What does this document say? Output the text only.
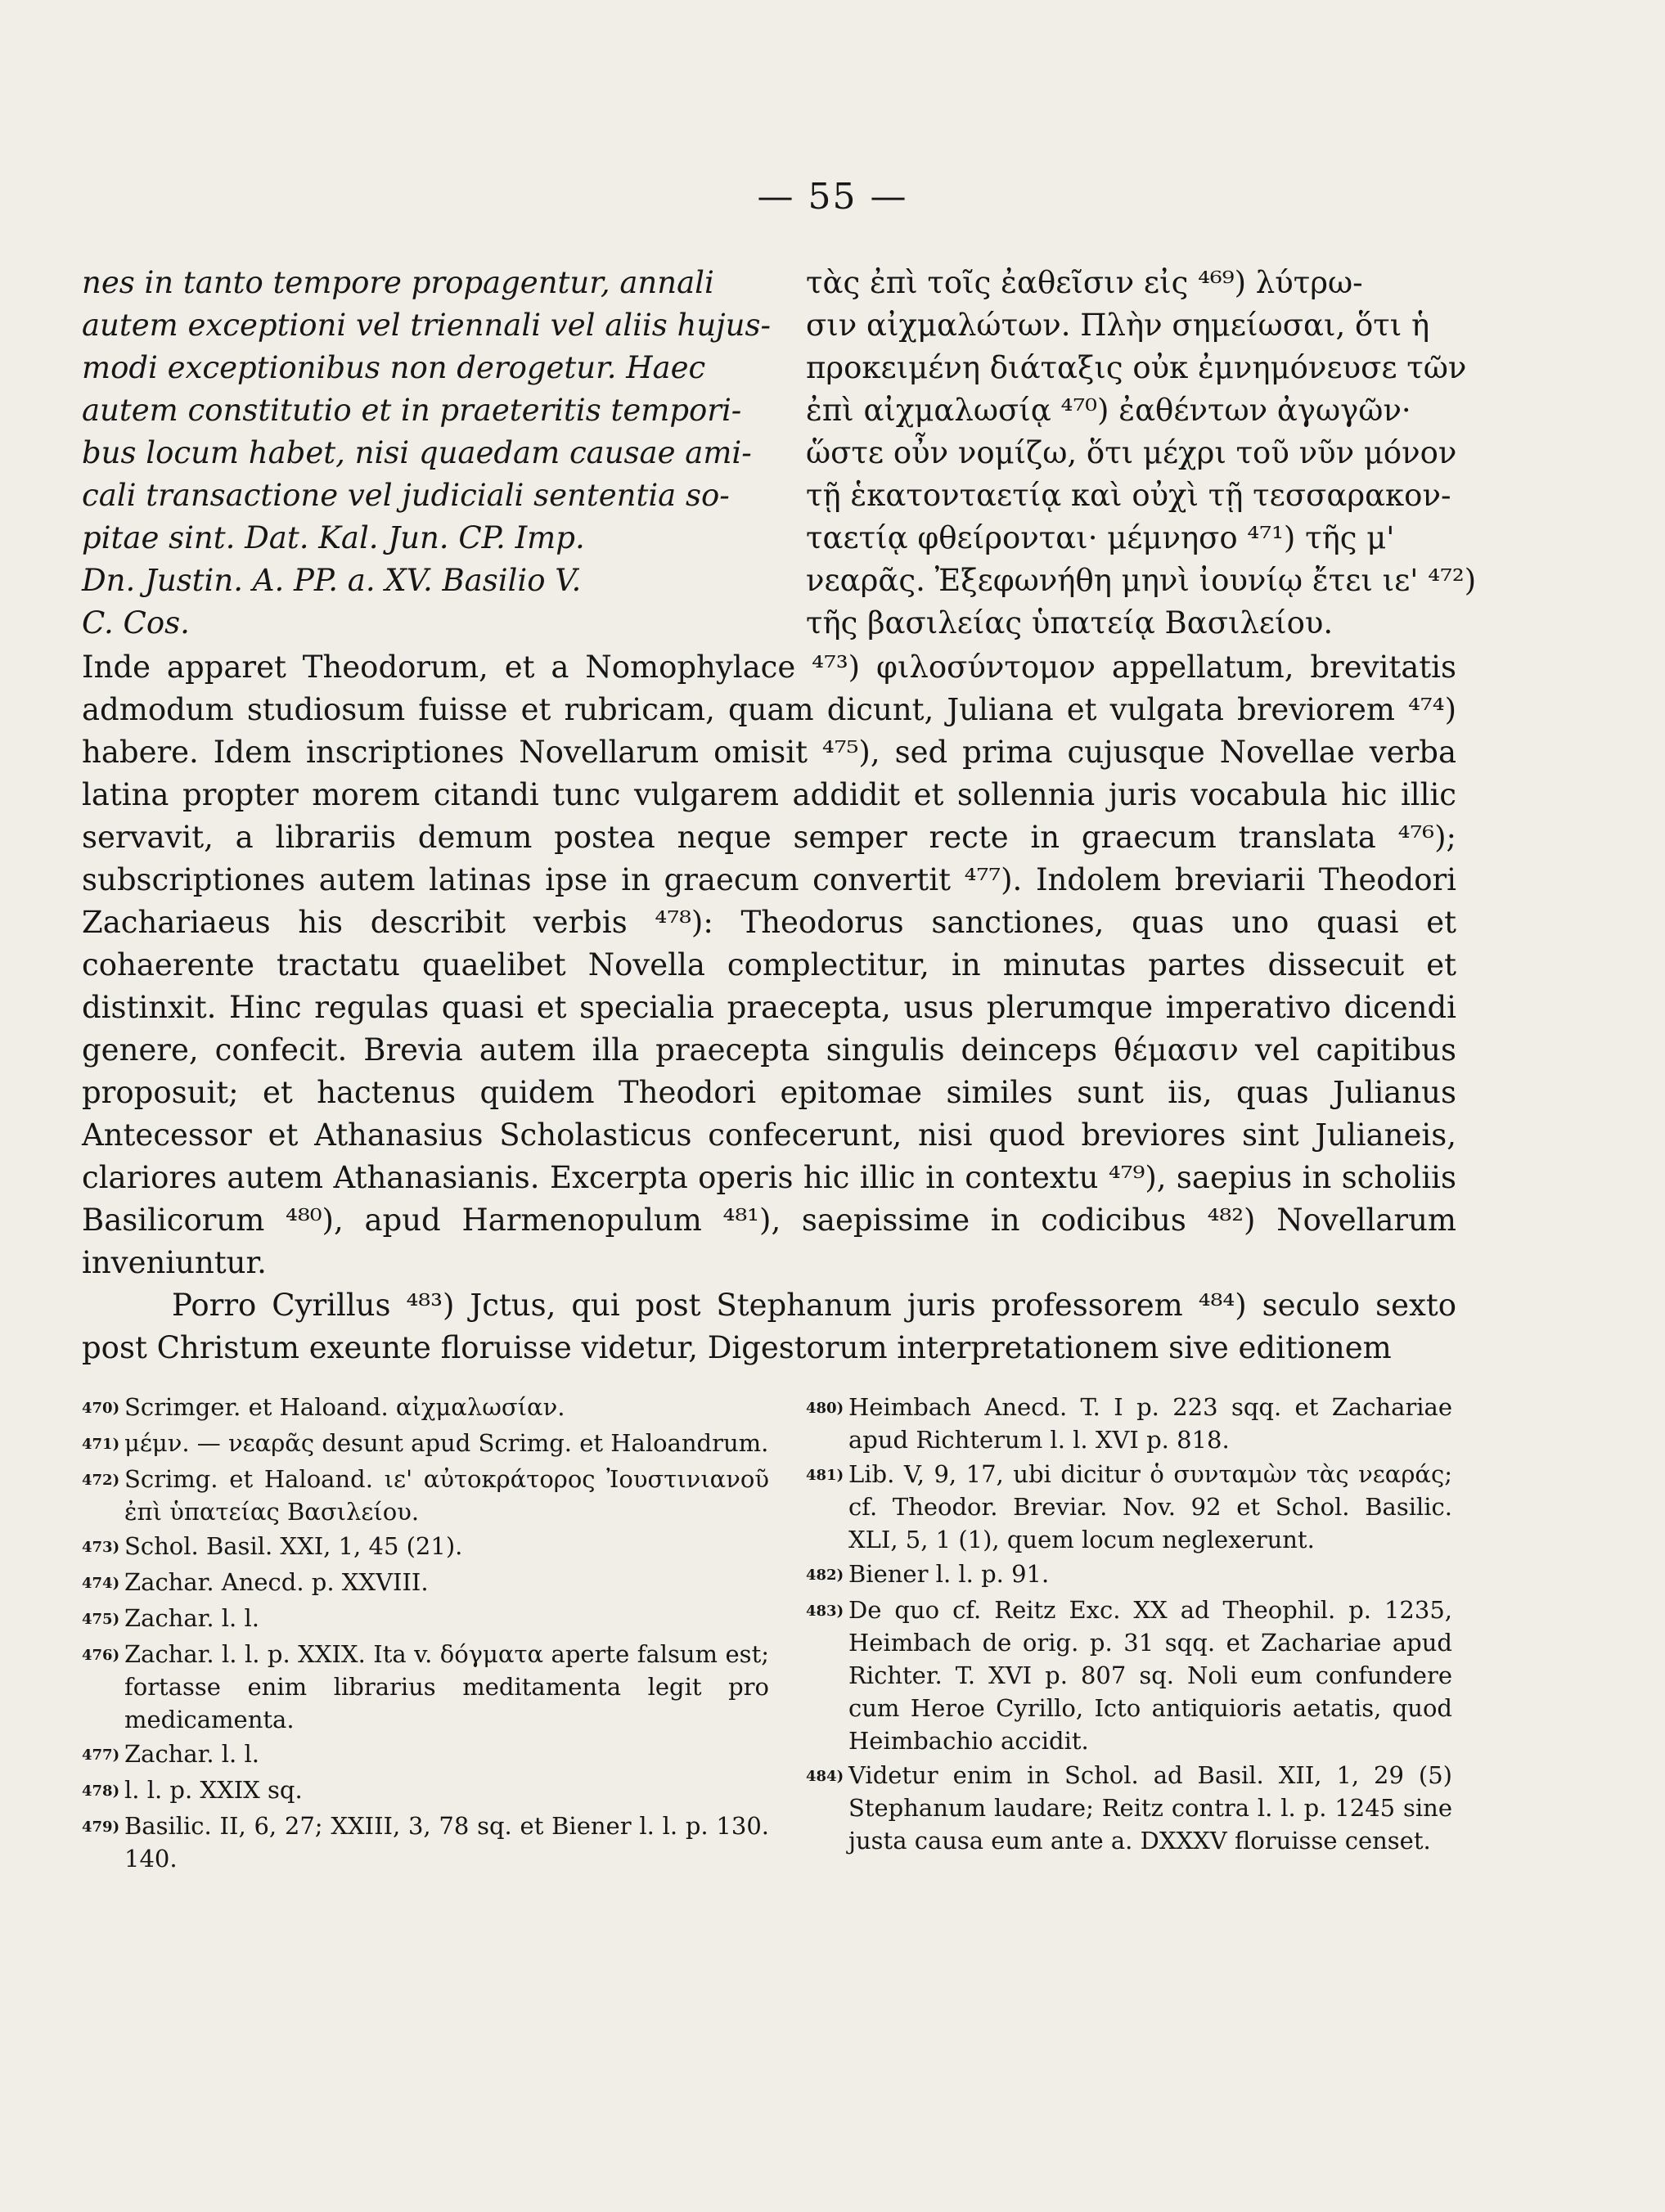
— 55 —
nes in tanto tempore propagentur, annali
autem exceptioni vel triennali vel aliis hujus-
modi exceptionibus non derogetur. Haec
autem constitutio et in praeteritis tempori-
bus locum habet, nisi quaedam causae ami-
cali transactione vel judiciali sententia so-
pitae sint. Dat. Kal. Jun. CP. Imp.
Dn. Justin. A. PP. a. XV. Basilio V.
C. Cos.
τὰς ἐπὶ τοῖς ἐαθεῖσιν εἰς ⁴⁶⁹) λύτρω-
σιν αἰχμαλώτων. Πλὴν σημείωσαι, ὅτι ἡ
προκειμένη διάταξις οὐκ ἐμνημόνευσε τῶν
ἐπὶ αἰχμαλωσίᾳ ⁴⁷⁰) ἐαθέντων ἀγωγῶν·
ὥστε οὖν νομίζω, ὅτι μέχρι τοῦ νῦν μόνον
τῇ ἑκατονταετίᾳ καὶ οὐχὶ τῇ τεσσαρακον-
ταετίᾳ φθείρονται· μέμνησο ⁴⁷¹) τῆς μ'
νεαρᾶς. Ἐξεφωνήθη μηνὶ ἰουνίῳ ἔτει ιε' ⁴⁷²)
τῆς βασιλείας ὑπατείᾳ Βασιλείου.

Inde apparet Theodorum, et a Nomophylace ⁴⁷³) φιλοσύντομον appellatum, brevitatis admodum studiosum fuisse et rubricam, quam dicunt, Juliana et vulgata breviorem ⁴⁷⁴) habere. Idem inscriptiones Novellarum omisit ⁴⁷⁵), sed prima cujusque Novellae verba latina propter morem citandi tunc vulgarem addidit et sollennia juris vocabula hic illic servavit, a librariis demum postea neque semper recte in graecum translata ⁴⁷⁶); subscriptiones autem latinas ipse in graecum convertit ⁴⁷⁷). Indolem breviarii Theodori Zachariaeus his describit verbis ⁴⁷⁸): Theodorus sanctiones, quas uno quasi et cohaerente tractatu quaelibet Novella complectitur, in minutas partes dissecuit et distinxit. Hinc regulas quasi et specialia praecepta, usus plerumque imperativo dicendi genere, confecit. Brevia autem illa praecepta singulis deinceps θέμασιν vel capitibus proposuit; et hactenus quidem Theodori epitomae similes sunt iis, quas Julianus Antecessor et Athanasius Scholasticus confecerunt, nisi quod breviores sint Julianeis, clariores autem Athanasianis. Excerpta operis hic illic in contextu ⁴⁷⁹), saepius in scholiis Basilicorum ⁴⁸⁰), apud Harmenopulum ⁴⁸¹), saepissime in codicibus ⁴⁸²) Novellarum inveniuntur.

Porro Cyrillus ⁴⁸³) Jctus, qui post Stephanum juris professorem ⁴⁸⁴) seculo sexto post Christum exeunte floruisse videtur, Digestorum interpretationem sive editionem

470) Scrimger. et Haloand. αἰχμαλωσίαν.
471) μέμν. — νεαρᾶς desunt apud Scrimg. et Haloandrum.
472) Scrimg. et Haloand. ιε' αὐτοκράτορος Ἰουστινιανοῦ ἐπὶ ὑπατείας Βασιλείου.
473) Schol. Basil. XXI, 1, 45 (21).
474) Zachar. Anecd. p. XXVIII.
475) Zachar. l. l.
476) Zachar. l. l. p. XXIX. Ita v. δόγματα aperte falsum est; fortasse enim librarius meditamenta legit pro medicamenta.
477) Zachar. l. l.
478) l. l. p. XXIX sq.
479) Basilic. II, 6, 27; XXIII, 3, 78 sq. et Biener l. l. p. 130. 140.
480) Heimbach Anecd. T. I p. 223 sqq. et Zachariae apud Richterum l. l. XVI p. 818.
481) Lib. V, 9, 17, ubi dicitur ὁ συνταμὼν τὰς νεαράς; cf. Theodor. Breviar. Nov. 92 et Schol. Basilic. XLI, 5, 1 (1), quem locum neglexerunt.
482) Biener l. l. p. 91.
483) De quo cf. Reitz Exc. XX ad Theophil. p. 1235, Heimbach de orig. p. 31 sqq. et Zachariae apud Richter. T. XVI p. 807 sq. Noli eum confundere cum Heroe Cyrillo, Icto antiquioris aetatis, quod Heimbachio accidit.
484) Videtur enim in Schol. ad Basil. XII, 1, 29 (5) Stephanum laudare; Reitz contra l. l. p. 1245 sine justa causa eum ante a. DXXXV floruisse censet.
